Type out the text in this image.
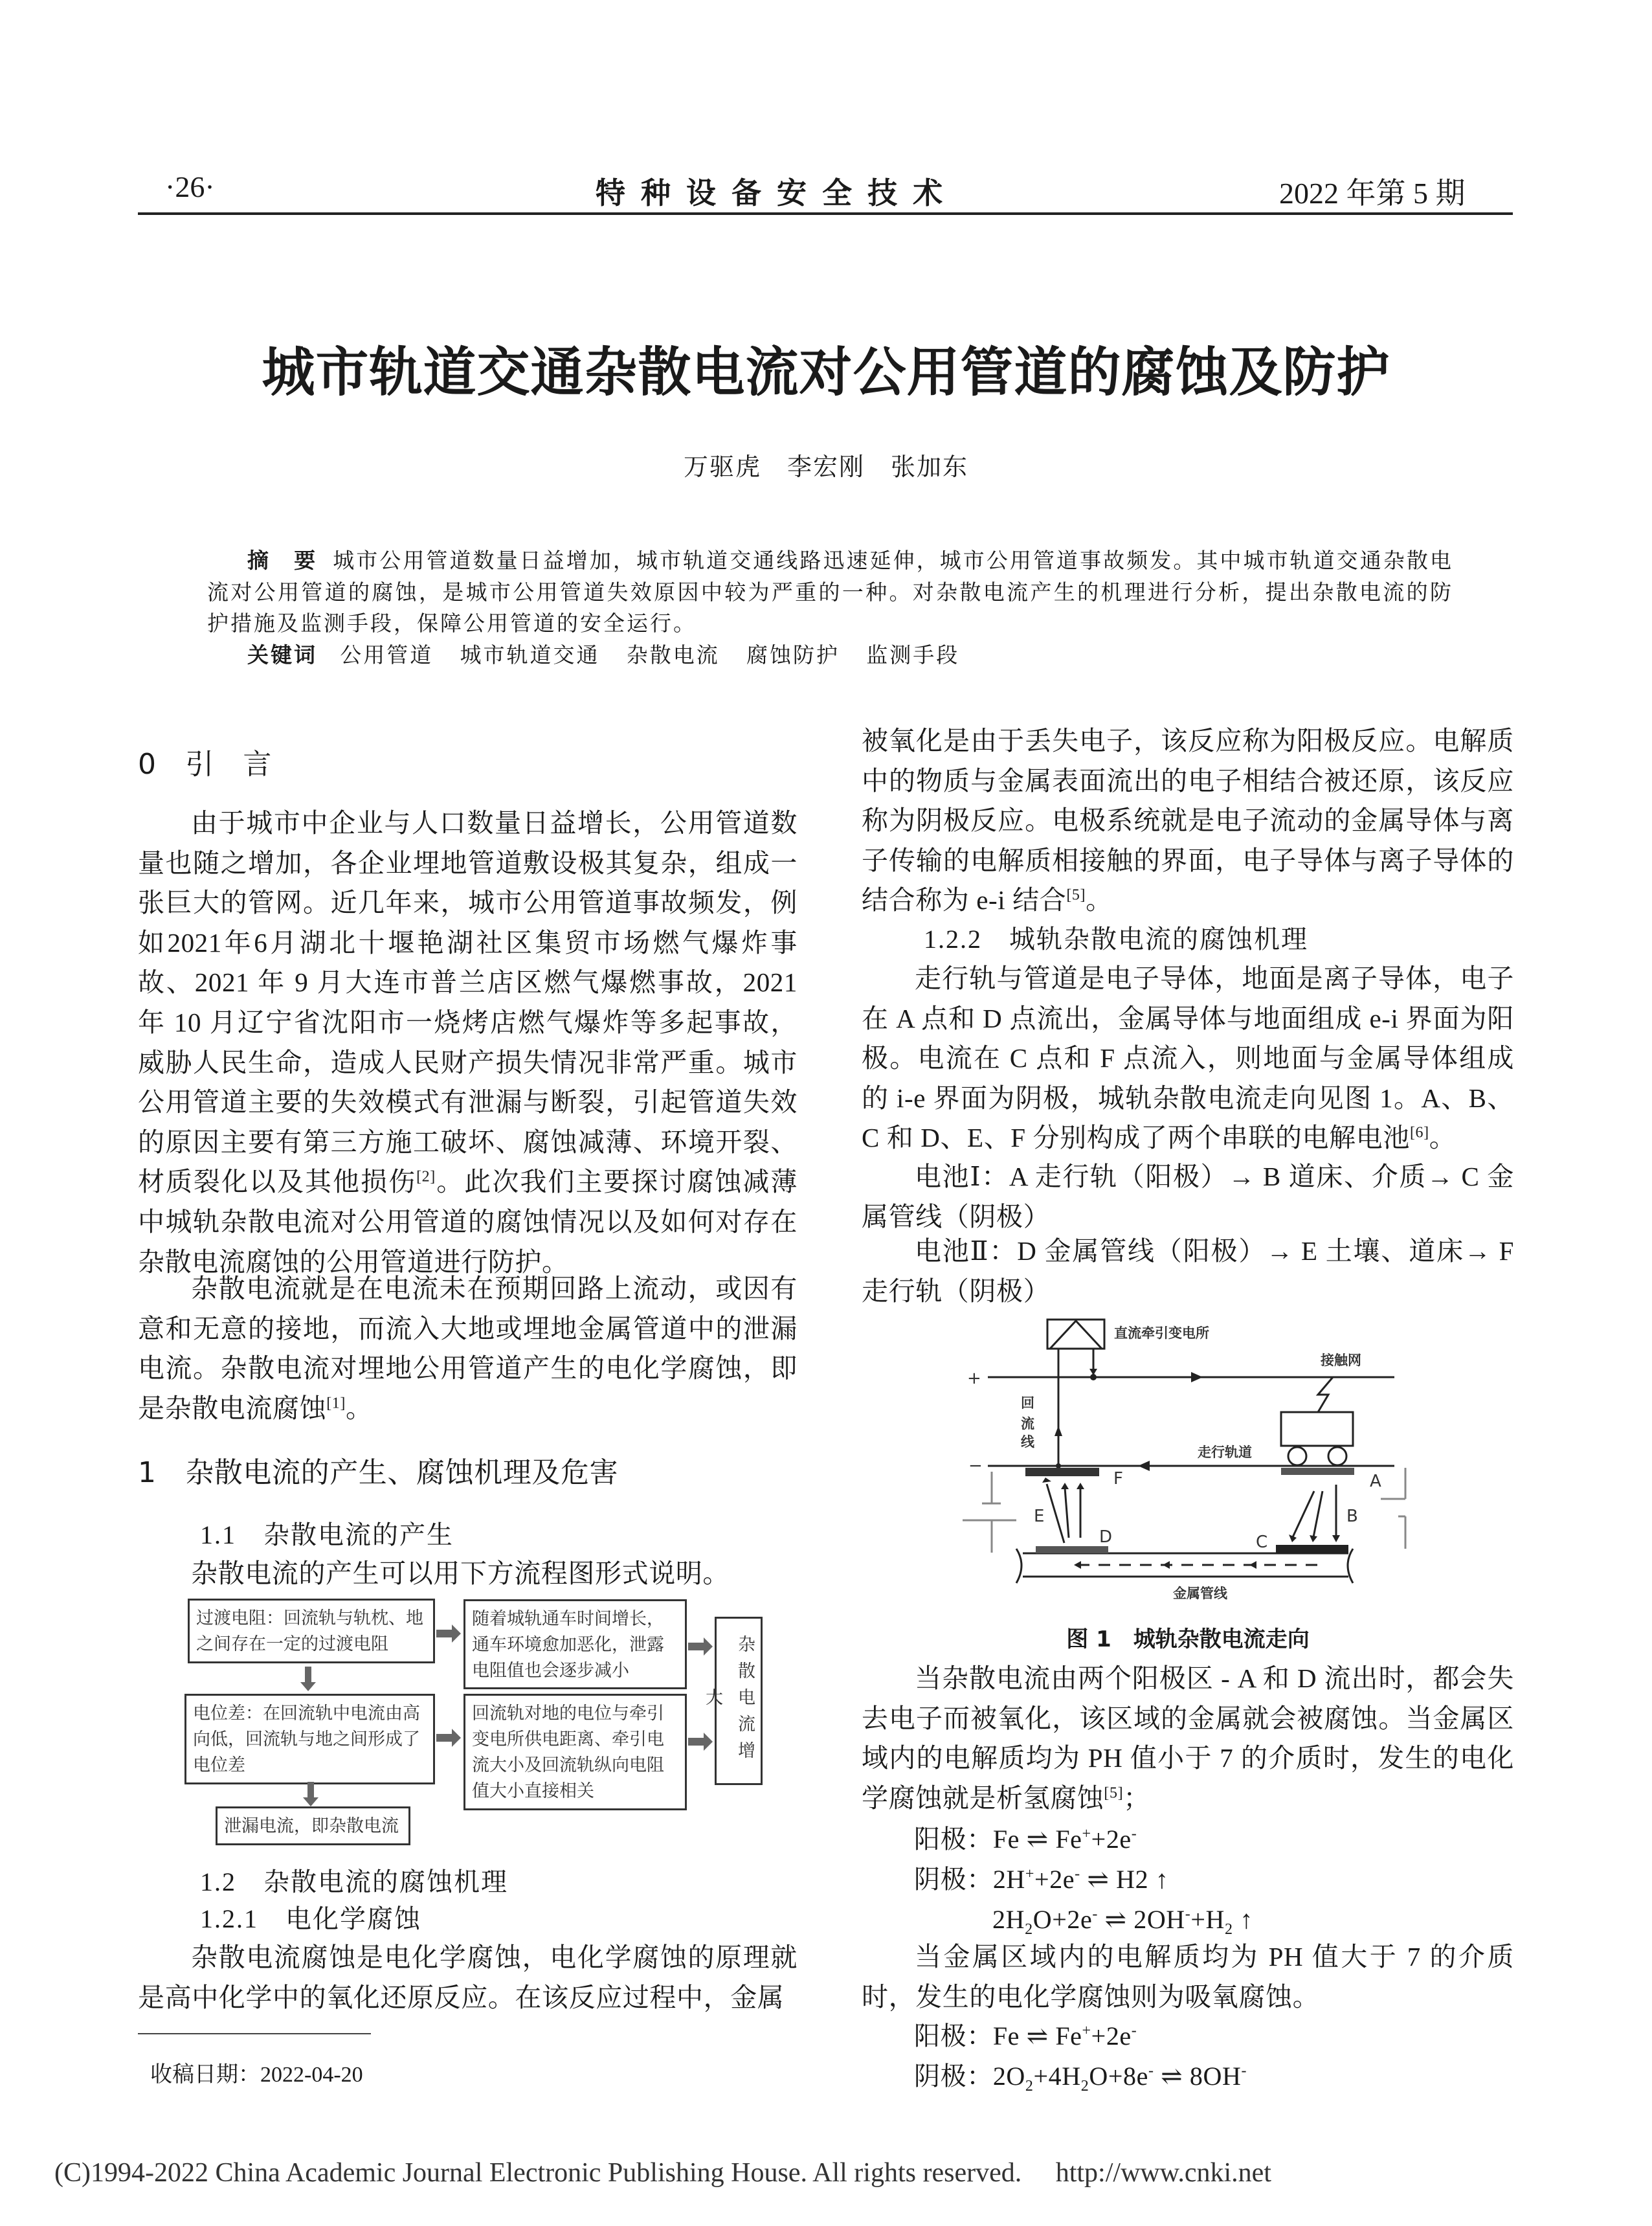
·26·	特 种 设 备 安 全 技 术	2022 年第 5 期
城市轨道交通杂散电流对公用管道的腐蚀及防护
万驱虎　李宏刚　张加东
摘　要 城市公用管道数量日益增加，城市轨道交通线路迅速延伸，城市公用管道事故频发。其中城市轨道交通杂散电流对公用管道的腐蚀，是城市公用管道失效原因中较为严重的一种。对杂散电流产生的机理进行分析，提出杂散电流的防护措施及监测手段，保障公用管道的安全运行。
关键词 公用管道 城市轨道交通 杂散电流 腐蚀防护 监测手段
0　引　言

由于城市中企业与人口数量日益增长，公用管道数量也随之增加，各企业埋地管道敷设极其复杂，组成一张巨大的管网。近几年来，城市公用管道事故频发，例如2021年6月湖北十堰艳湖社区集贸市场燃气爆炸事故、2021 年 9 月大连市普兰店区燃气爆燃事故，2021 年 10 月辽宁省沈阳市一烧烤店燃气爆炸等多起事故，威胁人民生命，造成人民财产损失情况非常严重。城市公用管道主要的失效模式有泄漏与断裂，引起管道失效的原因主要有第三方施工破坏、腐蚀减薄、环境开裂、材质裂化以及其他损伤[2]。此次我们主要探讨腐蚀减薄中城轨杂散电流对公用管道的腐蚀情况以及如何对存在杂散电流腐蚀的公用管道进行防护。

杂散电流就是在电流未在预期回路上流动，或因有意和无意的接地，而流入大地或埋地金属管道中的泄漏电流。杂散电流对埋地公用管道产生的电化学腐蚀，即是杂散电流腐蚀[1]。

1　杂散电流的产生、腐蚀机理及危害
1.1　杂散电流的产生

杂散电流的产生可以用下方流程图形式说明。

过渡电阻：回流轨与轨枕、地之间存在一定的过渡电阻
随着城轨通车时间增长，通车环境愈加恶化，泄露电阻值也会逐步减小
电位差：在回流轨中电流由高向低，回流轨与地之间形成了电位差
回流轨对地的电位与牵引变电所供电距离、牵引电流大小及回流轨纵向电阻值大小直接相关
泄漏电流，即杂散电流
杂散电流增大
1.2　杂散电流的腐蚀机理
1.2.1　电化学腐蚀

杂散电流腐蚀是电化学腐蚀，电化学腐蚀的原理就是高中化学中的氧化还原反应。在该反应过程中，金属

收稿日期：2022-04-20

被氧化是由于丢失电子，该反应称为阳极反应。电解质中的物质与金属表面流出的电子相结合被还原，该反应称为阴极反应。电极系统就是电子流动的金属导体与离子传输的电解质相接触的界面，电子导体与离子导体的结合称为 e-i 结合[5]。

1.2.2　城轨杂散电流的腐蚀机理

走行轨与管道是电子导体，地面是离子导体，电子在 A 点和 D 点流出，金属导体与地面组成 e-i 界面为阳极。电流在 C 点和 F 点流入，则地面与金属导体组成的 i-e 界面为阴极，城轨杂散电流走向见图 1。A、B、C 和 D、E、F 分别构成了两个串联的电解电池[6]。

电池Ⅰ：A 走行轨（阳极）→ B 道床、介质→ C 金属管线（阴极）

电池Ⅱ：D 金属管线（阳极）→ E 土壤、道床→ F 走行轨（阴极）

直流牵引变电所
接触网
走行轨道
金属管线
回
流
线
+
−
A
B
C
D
E
F
图 1　城轨杂散电流走向

当杂散电流由两个阳极区 - A 和 D 流出时，都会失去电子而被氧化，该区域的金属就会被腐蚀。当金属区域内的电解质均为 PH 值小于 7 的介质时，发生的电化学腐蚀就是析氢腐蚀[5]；

阳极：Fe ⇌ Fe++2e-
阴极：2H++2e- ⇌ H2 ↑
$2H_2O+2e^-$ ⇌ $2OH^-+H_2$ ↑

当金属区域内的电解质均为 PH 值大于 7 的介质时，发生的电化学腐蚀则为吸氧腐蚀。

阳极：Fe ⇌ Fe++2e-
阴极：$2O_2+4H_2O+8e^-$ ⇌ 8OH-
(C)1994-2022 China Academic Journal Electronic Publishing House. All rights reserved.　 http://www.cnki.net
